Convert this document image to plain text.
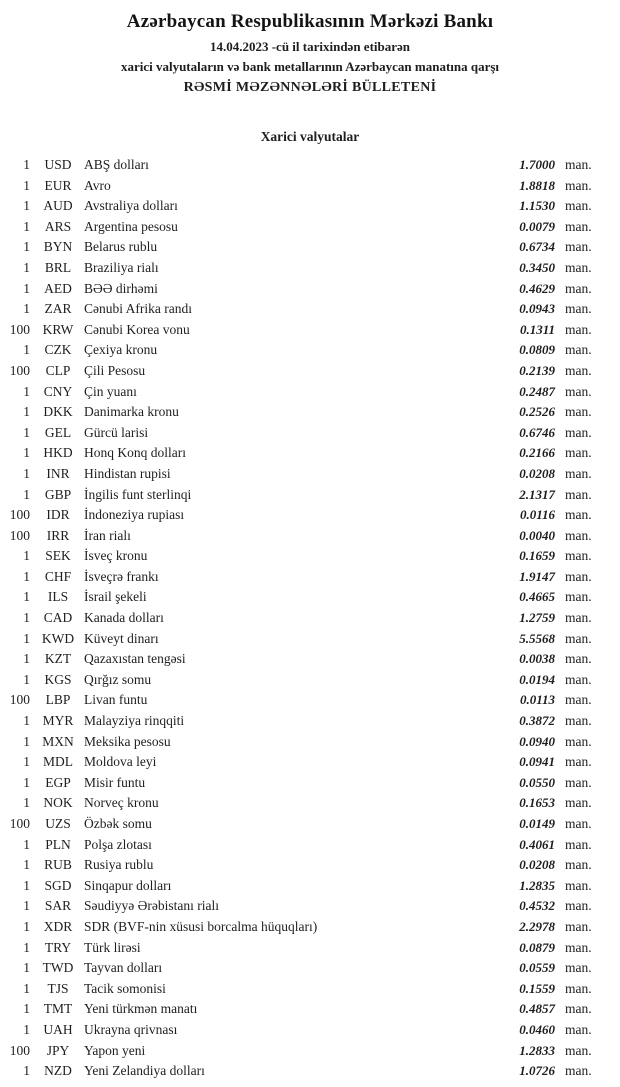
Azərbaycan Respublikasının Mərkəzi Bankı
14.04.2023 -cü il tarixindən etibarən
xarici valyutaların və bank metallarının Azərbaycan manatına qarşı
RƏSMİ MƏZƏNNƏLƏRİ BÜLLETENİ
Xarici valyutalar
1	USD ABŞ dolları	1.7000 man.
1	EUR Avro	1.8818 man.
1 AUD Avstraliya dolları	1.1530 man.
1	ARS Argentina pesosu	0.0079 man.
1	BYN Belarus rublu	0.6734 man.
1	BRL Braziliya rialı	0.3450 man.
1	AED BƏƏ dirhəmi	0.4629 man.
1	ZAR Cənubi Afrika randı	0.0943 man.
100 KRW Cənubi Korea vonu	0.1311 man.
1	CZK Çexiya kronu	0.0809 man.
100	CLP	Çili Pesosu	0.2139 man.
1	CNY Çin yuanı	0.2487 man.
1 DKK Danimarka kronu	0.2526 man.
1	GEL Gürcü larisi	0.6746 man.
1 HKD Honq Konq dolları	0.2166 man.
1	INR	Hindistan rupisi	0.0208 man.
1	GBP İngilis funt sterlinqi	2.1317 man.
100	IDR	İndoneziya rupiası	0.0116 man.
100	IRR	İran rialı	0.0040 man.
1	SEK İsveç kronu	0.1659 man.
1	CHF İsveçrə frankı	1.9147 man.
1	ILS	İsrail şekeli	0.4665 man.
1	CAD Kanada dolları	1.2759 man.
1 KWD Küveyt dinarı	5.5568 man.
1	KZT Qazaxıstan tengəsi	0.0038 man.
1	KGS Qırğız somu	0.0194 man.
100	LBP	Livan funtu	0.0113 man.
1 MYR Malayziya rinqqiti	0.3872 man.
1 MXN Meksika pesosu	0.0940 man.
1 MDL Moldova leyi	0.0941 man.
1	EGP Misir funtu	0.0550 man.
1 NOK Norveç kronu	0.1653 man.
100	UZS Özbək somu	0.0149 man.
1	PLN Polşa zlotası	0.4061 man.
1	RUB Rusiya rublu	0.0208 man.
1	SGD Sinqapur dolları	1.2835 man.
1	SAR Səudiyyə Ərəbistanı rialı	0.4532 man.
1	XDR SDR (BVF-nin xüsusi borcalma hüquqları)	2.2978 man.
1	TRY Türk lirəsi	0.0879 man.
1 TWD Tayvan dolları	0.0559 man.
1	TJS	Tacik somonisi	0.1559 man.
1	TMT Yeni türkmən manatı	0.4857 man.
1 UAH Ukrayna qrivnası	0.0460 man.
100	JPY	Yapon yeni	1.2833 man.
1	NZD Yeni Zelandiya dolları	1.0726 man.
